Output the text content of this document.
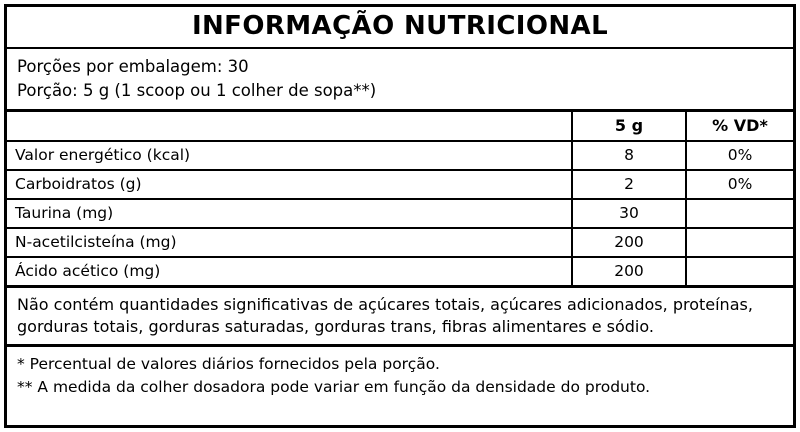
INFORMAÇÃO NUTRICIONAL
Porções por embalagem: 30
Porção: 5 g (1 scoop ou 1 colher de sopa**)
	5 g	% VD*
Valor energético (kcal)	8	0%
Carboidratos (g)	2	0%
Taurina (mg)	30	
N-acetilcisteína (mg)	200	
Ácido acético (mg)	200	
Não contém quantidades significativas de açúcares totais, açúcares adicionados, proteínas,
gorduras totais, gorduras saturadas, gorduras trans, fibras alimentares e sódio.
* Percentual de valores diários fornecidos pela porção.
** A medida da colher dosadora pode variar em função da densidade do produto.
